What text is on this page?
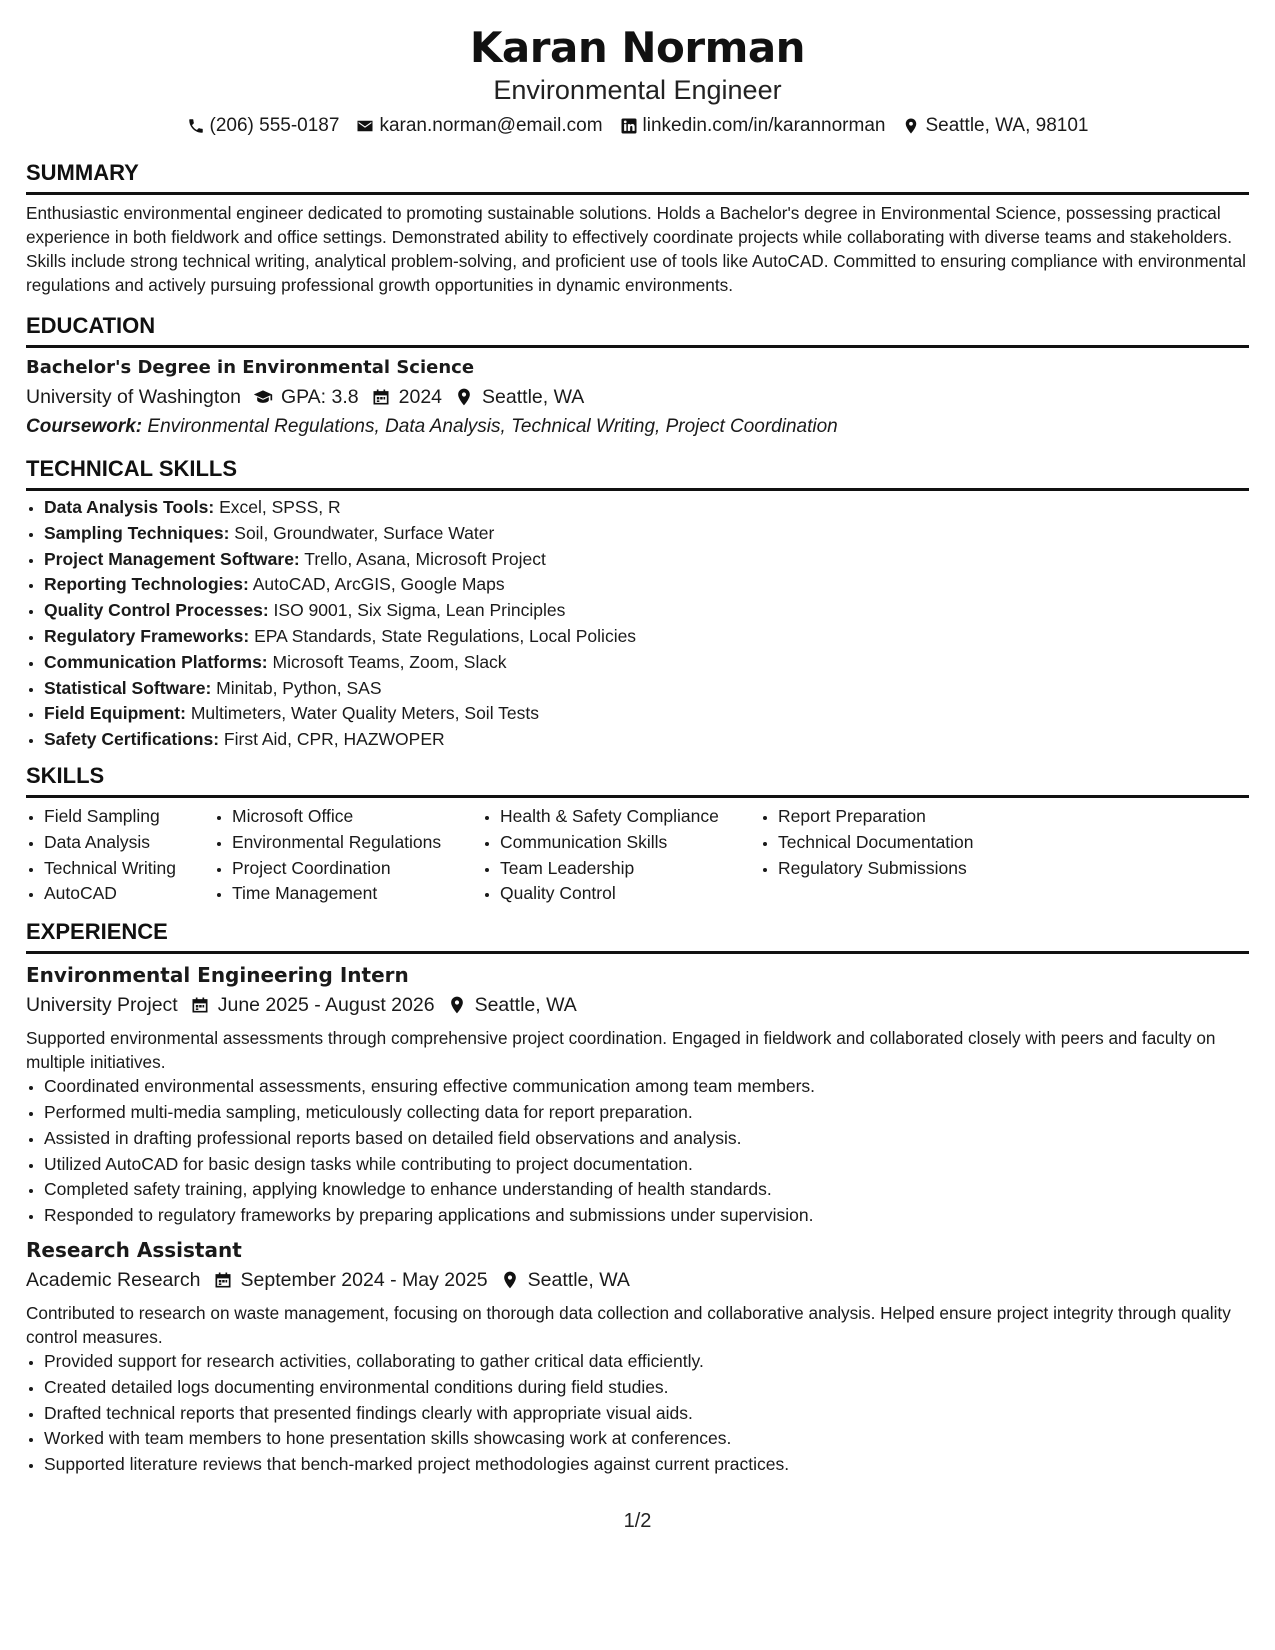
Karan Norman
Environmental Engineer
(206) 555-0187 karan.norman@email.com linkedin.com/in/karannorman Seattle, WA, 98101
SUMMARY
Enthusiastic environmental engineer dedicated to promoting sustainable solutions. Holds a Bachelor's degree in Environmental Science, possessing practical experience in both fieldwork and office settings. Demonstrated ability to effectively coordinate projects while collaborating with diverse teams and stakeholders. Skills include strong technical writing, analytical problem-solving, and proficient use of tools like AutoCAD. Committed to ensuring compliance with environmental regulations and actively pursuing professional growth opportunities in dynamic environments.
EDUCATION
Bachelor's Degree in Environmental Science
University of Washington GPA: 3.8 2024 Seattle, WA
Coursework: Environmental Regulations, Data Analysis, Technical Writing, Project Coordination
TECHNICAL SKILLS
• Data Analysis Tools: Excel, SPSS, R
• Sampling Techniques: Soil, Groundwater, Surface Water
• Project Management Software: Trello, Asana, Microsoft Project
• Reporting Technologies: AutoCAD, ArcGIS, Google Maps
• Quality Control Processes: ISO 9001, Six Sigma, Lean Principles
• Regulatory Frameworks: EPA Standards, State Regulations, Local Policies
• Communication Platforms: Microsoft Teams, Zoom, Slack
• Statistical Software: Minitab, Python, SAS
• Field Equipment: Multimeters, Water Quality Meters, Soil Tests
• Safety Certifications: First Aid, CPR, HAZWOPER
SKILLS
• Field Sampling
• Data Analysis
• Technical Writing
• AutoCAD
• Microsoft Office
• Environmental Regulations
• Project Coordination
• Time Management
• Health & Safety Compliance
• Communication Skills
• Team Leadership
• Quality Control
• Report Preparation
• Technical Documentation
• Regulatory Submissions
EXPERIENCE
Environmental Engineering Intern
University Project June 2025 - August 2026 Seattle, WA
Supported environmental assessments through comprehensive project coordination. Engaged in fieldwork and collaborated closely with peers and faculty on multiple initiatives.
• Coordinated environmental assessments, ensuring effective communication among team members.
• Performed multi-media sampling, meticulously collecting data for report preparation.
• Assisted in drafting professional reports based on detailed field observations and analysis.
• Utilized AutoCAD for basic design tasks while contributing to project documentation.
• Completed safety training, applying knowledge to enhance understanding of health standards.
• Responded to regulatory frameworks by preparing applications and submissions under supervision.
Research Assistant
Academic Research September 2024 - May 2025 Seattle, WA
Contributed to research on waste management, focusing on thorough data collection and collaborative analysis. Helped ensure project integrity through quality control measures.
• Provided support for research activities, collaborating to gather critical data efficiently.
• Created detailed logs documenting environmental conditions during field studies.
• Drafted technical reports that presented findings clearly with appropriate visual aids.
• Worked with team members to hone presentation skills showcasing work at conferences.
• Supported literature reviews that bench-marked project methodologies against current practices.
1/2
